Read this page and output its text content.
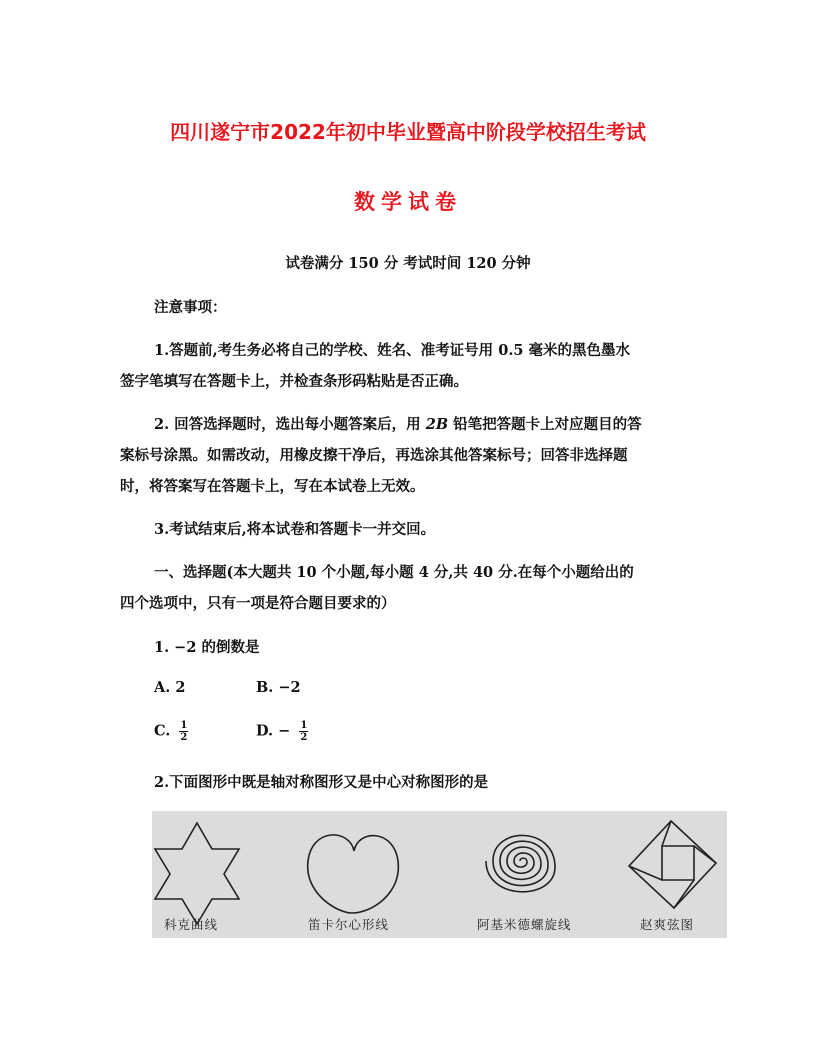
四川遂宁市2022年初中毕业暨高中阶段学校招生考试
数学试卷
试卷满分 150 分 考试时间 120 分钟
注意事项：
1.答题前,考生务必将自己的学校、姓名、准考证号用 0.5 毫米的黑色墨水
签字笔填写在答题卡上，并检查条形码粘贴是否正确。
2. 回答选择题时，选出每小题答案后，用 2B 铅笔把答题卡上对应题目的答
案标号涂黑。如需改动，用橡皮擦干净后，再选涂其他答案标号；回答非选择题
时，将答案写在答题卡上，写在本试卷上无效。
3.考试结束后,将本试卷和答题卡一并交回。
一、选择题(本大题共 10 个小题,每小题 4 分,共 40 分.在每个小题给出的
四个选项中，只有一项是符合题目要求的）
1. −2 的倒数是
A. 2	B. −2
C. $\frac{1}{2}$	D. − $\frac{1}{2}$
2.下面图形中既是轴对称图形又是中心对称图形的是
科克曲线	笛卡尔心形线	阿基米德螺旋线	赵爽弦图
